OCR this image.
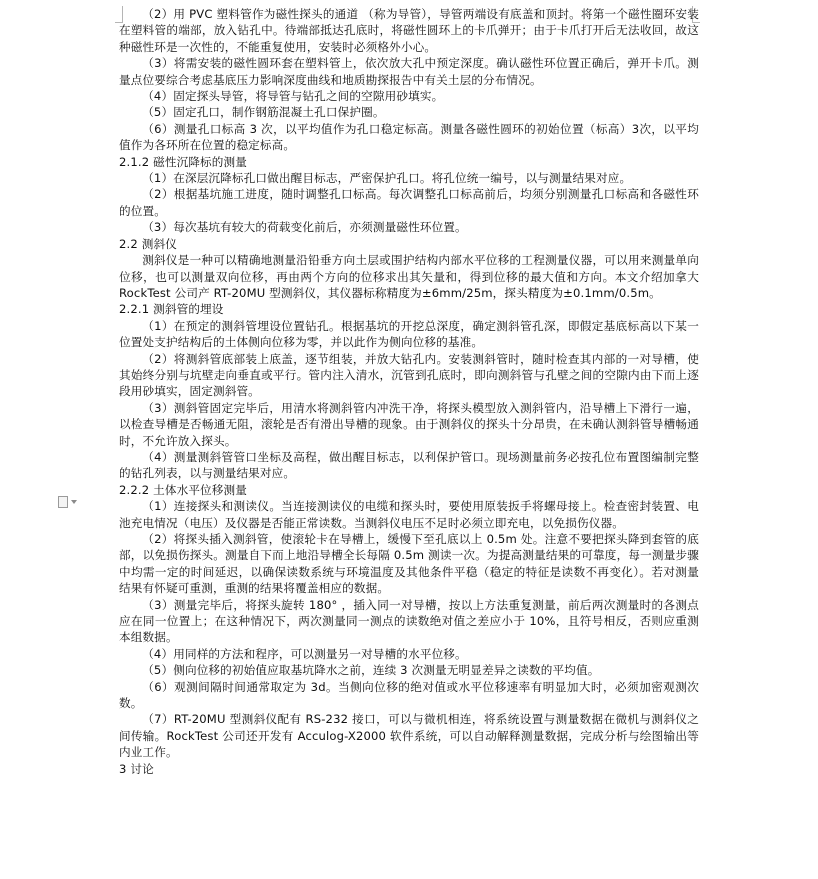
（2）用 PVC 塑料管作为磁性探头的通道 （称为导管），导管两端设有底盖和顶封。将第一个磁性圈环安装在塑料管的端部，放入钻孔中。待端部抵达孔底时，将磁性圆环上的卡爪弹开；由于卡爪打开后无法收回，故这种磁性环是一次性的，不能重复使用，安装时必须格外小心。

（3）将需安装的磁性圆环套在塑料管上，依次放大孔中预定深度。确认磁性环位置正确后，弹开卡爪。测量点位要综合考虑基底压力影响深度曲线和地质勘探报告中有关土层的分布情况。

（4）固定探头导管，将导管与钻孔之间的空隙用砂填实。

（5）固定孔口，制作钢筋混凝土孔口保护圈。

（6）测量孔口标高 3 次，以平均值作为孔口稳定标高。测量各磁性圆环的初始位置（标高）3次，以平均值作为各环所在位置的稳定标高。

2.1.2 磁性沉降标的测量

（1）在深层沉降标孔口做出醒目标志，严密保护孔口。将孔位统一编号，以与测量结果对应。

（2）根据基坑施工进度，随时调整孔口标高。每次调整孔口标高前后，均须分别测量孔口标高和各磁性环的位置。

（3）每次基坑有较大的荷载变化前后，亦须测量磁性环位置。

2.2 测斜仪

测斜仪是一种可以精确地测量沿铅垂方向土层或围护结构内部水平位移的工程测量仪器，可以用来测量单向位移，也可以测量双向位移，再由两个方向的位移求出其矢量和，得到位移的最大值和方向。本文介绍加拿大 RockTest 公司产 RT-20MU 型测斜仪，其仪器标称精度为±6mm/25m，探头精度为±0.1mm/0.5m。

2.2.1 测斜管的埋设

（1）在预定的测斜管埋设位置钻孔。根据基坑的开挖总深度，确定测斜管孔深，即假定基底标高以下某一位置处支护结构后的土体侧向位移为零，并以此作为侧向位移的基准。

（2）将测斜管底部装上底盖，逐节组装，并放大钻孔内。安装测斜管时，随时检查其内部的一对导槽，使其始终分别与坑壁走向垂直或平行。管内注入清水，沉管到孔底时，即向测斜管与孔壁之间的空隙内由下而上逐段用砂填实，固定测斜管。

（3）测斜管固定完毕后，用清水将测斜管内冲洗干净，将探头模型放入测斜管内，沿导槽上下滑行一遍，以检查导槽是否畅通无阻，滚轮是否有滑出导槽的现象。由于测斜仪的探头十分昂贵，在未确认测斜管导槽畅通时，不允许放入探头。

（4）测量测斜管管口坐标及高程，做出醒目标志，以利保护管口。现场测量前务必按孔位布置图编制完整的钻孔列表，以与测量结果对应。

2.2.2 土体水平位移测量

（1）连接探头和测读仪。当连接测读仪的电缆和探头时，要使用原装扳手将螺母接上。检查密封装置、电池充电情况（电压）及仪器是否能正常读数。当测斜仪电压不足时必须立即充电，以免损伤仪器。

（2）将探头插入测斜管，使滚轮卡在导槽上，缓慢下至孔底以上 0.5m 处。注意不要把探头降到套管的底部，以免损伤探头。测量自下而上地沿导槽全长每隔 0.5m 测读一次。为提高测量结果的可靠度，每一测量步骤中均需一定的时间延迟，以确保读数系统与环境温度及其他条件平稳（稳定的特征是读数不再变化）。若对测量结果有怀疑可重测，重测的结果将覆盖相应的数据。

（3）测量完毕后，将探头旋转 180° ，插入同一对导槽，按以上方法重复测量，前后两次测量时的各测点应在同一位置上；在这种情况下，两次测量同一测点的读数绝对值之差应小于 10%，且符号相反，否则应重测本组数据。

（4）用同样的方法和程序，可以测量另一对导槽的水平位移。

（5）侧向位移的初始值应取基坑降水之前，连续 3 次测量无明显差异之读数的平均值。

（6）观测间隔时间通常取定为 3d。当侧向位移的绝对值或水平位移速率有明显加大时，必须加密观测次数。

（7）RT-20MU 型测斜仪配有 RS-232 接口，可以与微机相连，将系统设置与测量数据在微机与测斜仪之间传输。RockTest 公司还开发有 Acculog-X2000 软件系统，可以自动解释测量数据，完成分析与绘图输出等内业工作。

3 讨论
